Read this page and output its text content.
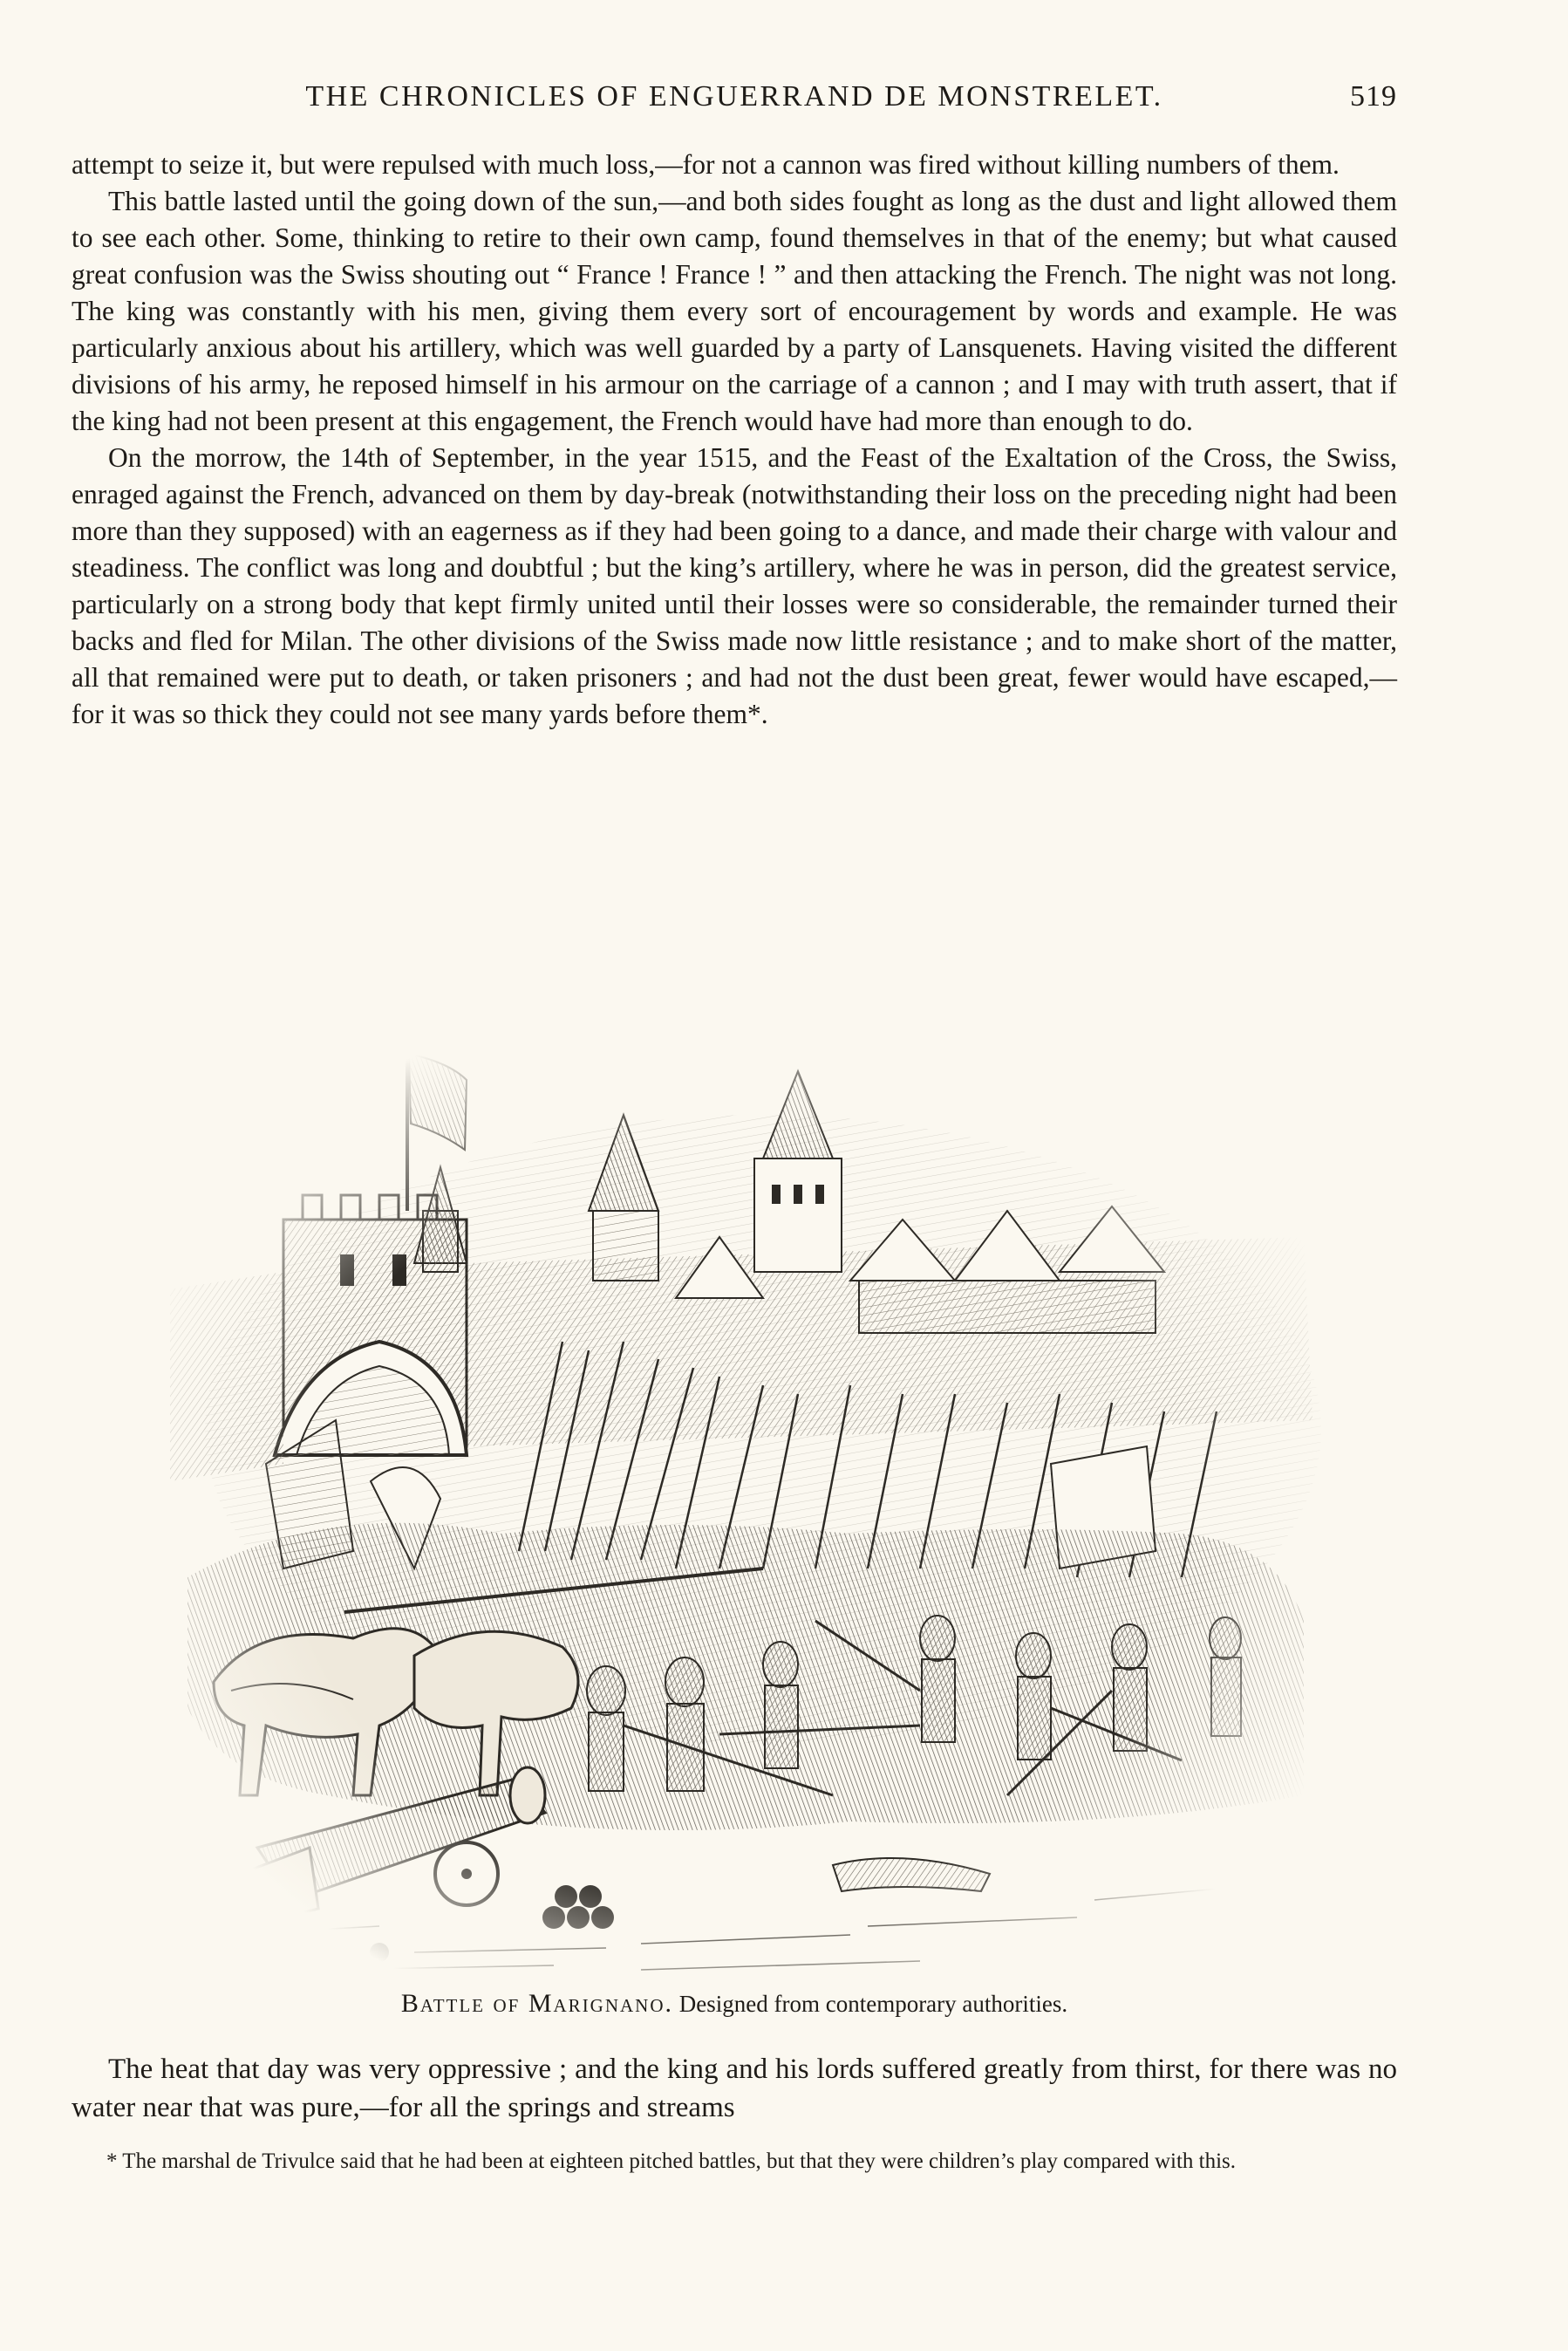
THE CHRONICLES OF ENGUERRAND DE MONSTRELET.	519

attempt to seize it, but were repulsed with much loss,—for not a cannon was fired without killing numbers of them.

This battle lasted until the going down of the sun,—and both sides fought as long as the dust and light allowed them to see each other. Some, thinking to retire to their own camp, found themselves in that of the enemy; but what caused great confusion was the Swiss shouting out “ France ! France ! ” and then attacking the French. The night was not long. The king was constantly with his men, giving them every sort of encouragement by words and example. He was particularly anxious about his artillery, which was well guarded by a party of Lansquenets. Having visited the different divisions of his army, he reposed himself in his armour on the carriage of a cannon ; and I may with truth assert, that if the king had not been present at this engagement, the French would have had more than enough to do.

On the morrow, the 14th of September, in the year 1515, and the Feast of the Exaltation of the Cross, the Swiss, enraged against the French, advanced on them by day-break (notwithstanding their loss on the preceding night had been more than they supposed) with an eagerness as if they had been going to a dance, and made their charge with valour and steadiness. The conflict was long and doubtful ; but the king’s artillery, where he was in person, did the greatest service, particularly on a strong body that kept firmly united until their losses were so considerable, the remainder turned their backs and fled for Milan. The other divisions of the Swiss made now little resistance ; and to make short of the matter, all that remained were put to death, or taken prisoners ; and had not the dust been great, fewer would have escaped,—for it was so thick they could not see many yards before them*.

Battle of Marignano. Designed from contemporary authorities.

The heat that day was very oppressive ; and the king and his lords suffered greatly from thirst, for there was no water near that was pure,—for all the springs and streams

* The marshal de Trivulce said that he had been at eighteen pitched battles, but that they were children’s play compared with this.
